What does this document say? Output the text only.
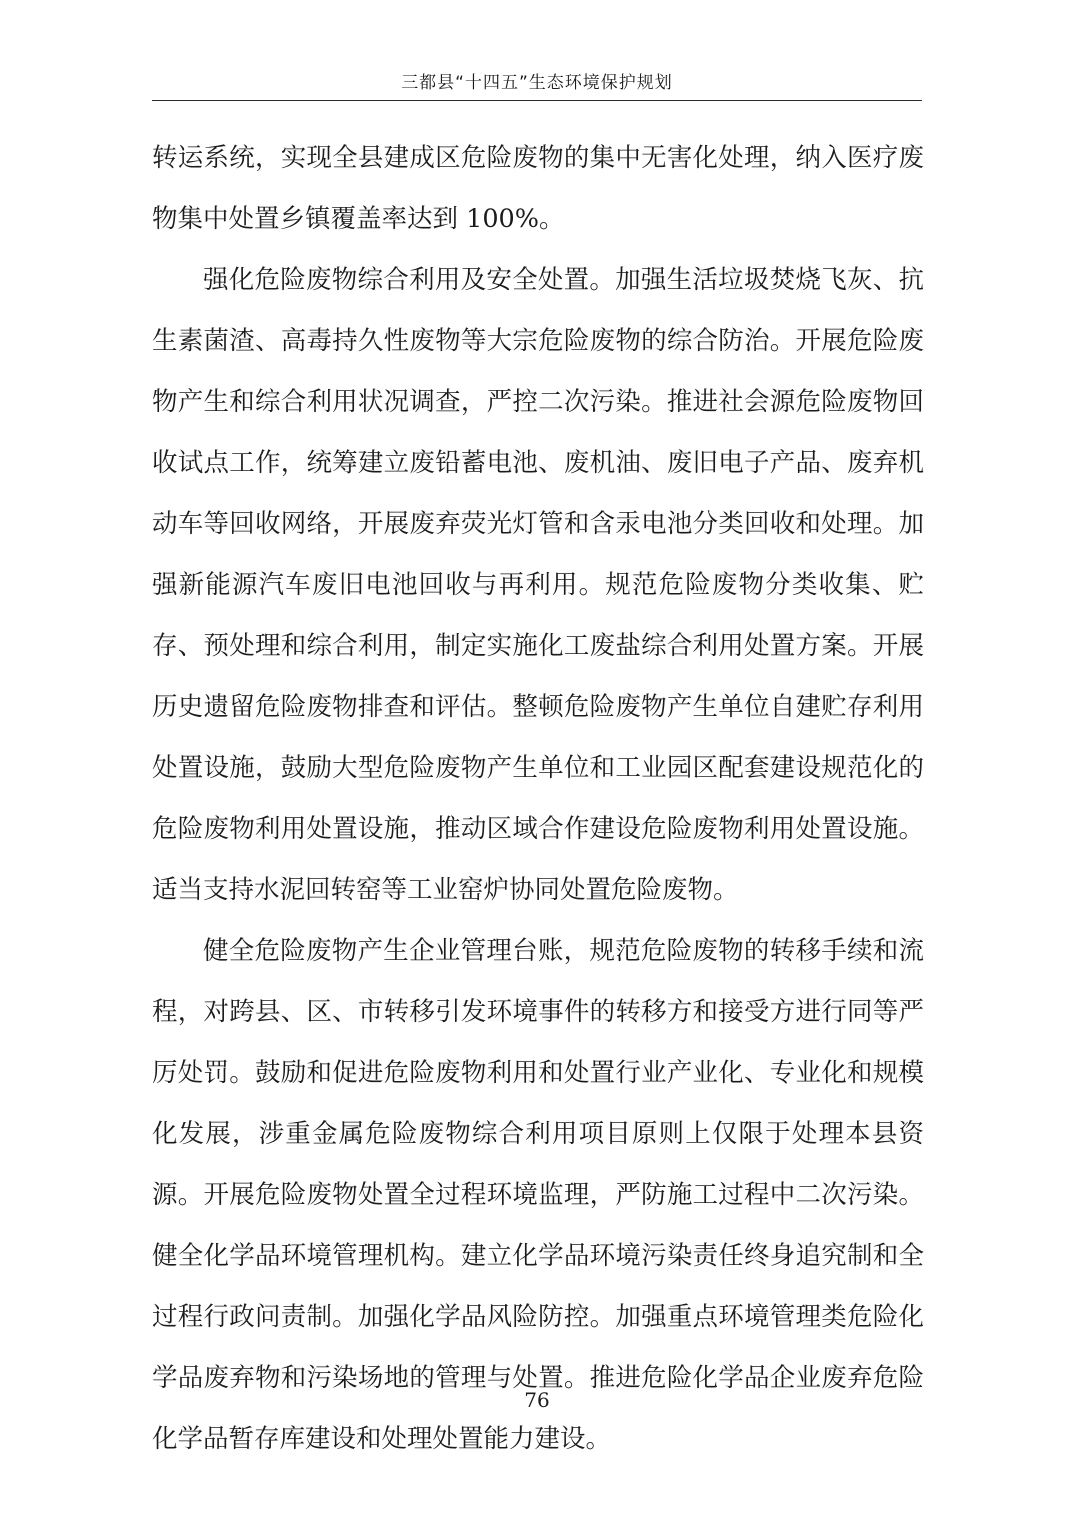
三都县“十四五”生态环境保护规划

转运系统，实现全县建成区危险废物的集中无害化处理，纳入医疗废物集中处置乡镇覆盖率达到 100%。

强化危险废物综合利用及安全处置。加强生活垃圾焚烧飞灰、抗生素菌渣、高毒持久性废物等大宗危险废物的综合防治。开展危险废物产生和综合利用状况调查，严控二次污染。推进社会源危险废物回收试点工作，统筹建立废铅蓄电池、废机油、废旧电子产品、废弃机动车等回收网络，开展废弃荧光灯管和含汞电池分类回收和处理。加强新能源汽车废旧电池回收与再利用。规范危险废物分类收集、贮存、预处理和综合利用，制定实施化工废盐综合利用处置方案。开展历史遗留危险废物排查和评估。整顿危险废物产生单位自建贮存利用处置设施，鼓励大型危险废物产生单位和工业园区配套建设规范化的危险废物利用处置设施，推动区域合作建设危险废物利用处置设施。适当支持水泥回转窑等工业窑炉协同处置危险废物。

健全危险废物产生企业管理台账，规范危险废物的转移手续和流程，对跨县、区、市转移引发环境事件的转移方和接受方进行同等严厉处罚。鼓励和促进危险废物利用和处置行业产业化、专业化和规模化发展，涉重金属危险废物综合利用项目原则上仅限于处理本县资源。开展危险废物处置全过程环境监理，严防施工过程中二次污染。健全化学品环境管理机构。建立化学品环境污染责任终身追究制和全过程行政问责制。加强化学品风险防控。加强重点环境管理类危险化学品废弃物和污染场地的管理与处置。推进危险化学品企业废弃危险化学品暂存库建设和处理处置能力建设。

76
